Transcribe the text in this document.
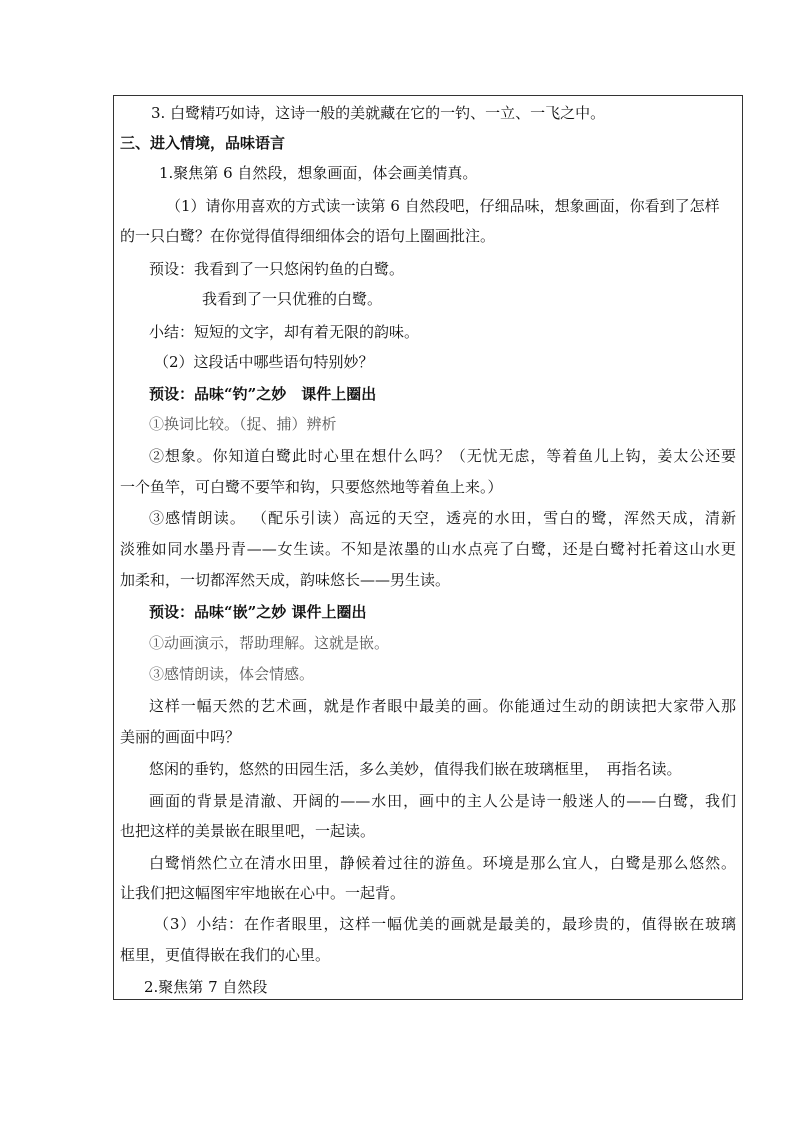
3. 白鹭精巧如诗，这诗一般的美就藏在它的一钓、一立、一飞之中。
三、进入情境，品味语言
1.聚焦第 6 自然段，想象画面，体会画美情真。
（1）请你用喜欢的方式读一读第 6 自然段吧，仔细品味，想象画面，你看到了怎样
的一只白鹭？在你觉得值得细细体会的语句上圈画批注。
预设：我看到了一只悠闲钓鱼的白鹭。
我看到了一只优雅的白鹭。
小结：短短的文字，却有着无限的韵味。
（2）这段话中哪些语句特别妙？
预设：品味“钓”之妙　课件上圈出
①换词比较。（捉、捕）辨析
②想象。你知道白鹭此时心里在想什么吗？（无忧无虑，等着鱼儿上钩，姜太公还要
一个鱼竿，可白鹭不要竿和钩，只要悠然地等着鱼上来。）
③感情朗读。 （配乐引读）高远的天空，透亮的水田，雪白的鹭，浑然天成，清新
淡雅如同水墨丹青——女生读。不知是浓墨的山水点亮了白鹭，还是白鹭衬托着这山水更
加柔和，一切都浑然天成，韵味悠长——男生读。
预设：品味“嵌”之妙 课件上圈出
①动画演示，帮助理解。这就是嵌。
③感情朗读，体会情感。
这样一幅天然的艺术画，就是作者眼中最美的画。你能通过生动的朗读把大家带入那
美丽的画面中吗？
悠闲的垂钓，悠然的田园生活，多么美妙，值得我们嵌在玻璃框里，　再指名读。
画面的背景是清澈、开阔的——水田，画中的主人公是诗一般迷人的——白鹭，我们
也把这样的美景嵌在眼里吧，一起读。
白鹭悄然伫立在清水田里，静候着过往的游鱼。环境是那么宜人，白鹭是那么悠然。
让我们把这幅图牢牢地嵌在心中。一起背。
（3）小结：在作者眼里，这样一幅优美的画就是最美的，最珍贵的，值得嵌在玻璃
框里，更值得嵌在我们的心里。
2.聚焦第 7 自然段
